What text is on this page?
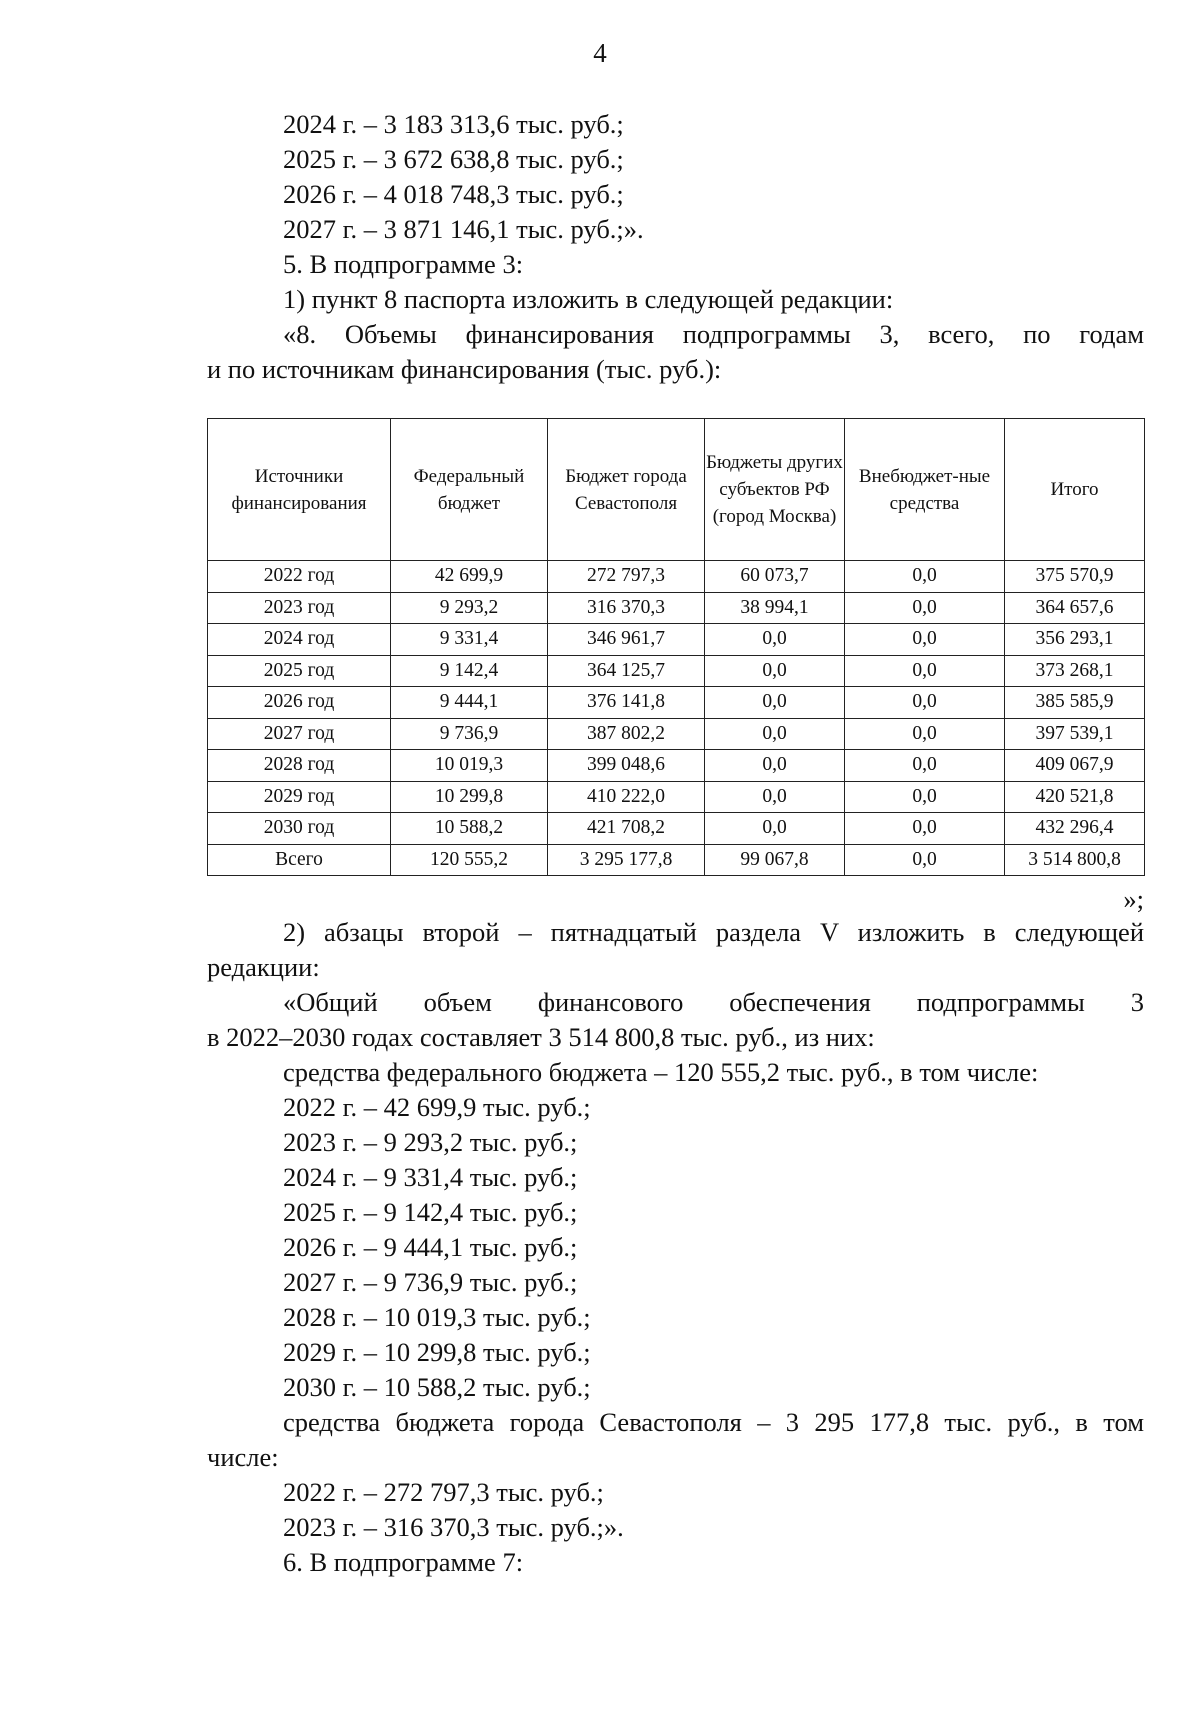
4
2024 г. – 3 183 313,6 тыс. руб.;
2025 г. – 3 672 638,8 тыс. руб.;
2026 г. – 4 018 748,3 тыс. руб.;
2027 г. – 3 871 146,1 тыс. руб.;».
5. В подпрограмме 3:
1) пункт 8 паспорта изложить в следующей редакции:
«8. Объемы финансирования подпрограммы 3, всего, по годам
и по источникам финансирования (тыс. руб.):
Источники финансирования	Федеральный бюджет	Бюджет города Севастополя	Бюджеты других субъектов РФ (город Москва)	Внебюджет-ные средства	Итого
2022 год	42 699,9	272 797,3	60 073,7	0,0	375 570,9
2023 год	9 293,2	316 370,3	38 994,1	0,0	364 657,6
2024 год	9 331,4	346 961,7	0,0	0,0	356 293,1
2025 год	9 142,4	364 125,7	0,0	0,0	373 268,1
2026 год	9 444,1	376 141,8	0,0	0,0	385 585,9
2027 год	9 736,9	387 802,2	0,0	0,0	397 539,1
2028 год	10 019,3	399 048,6	0,0	0,0	409 067,9
2029 год	10 299,8	410 222,0	0,0	0,0	420 521,8
2030 год	10 588,2	421 708,2	0,0	0,0	432 296,4
Всего	120 555,2	3 295 177,8	99 067,8	0,0	3 514 800,8
»;
2) абзацы второй – пятнадцатый раздела V изложить в следующей
редакции:
«Общий объем финансового обеспечения подпрограммы 3
в 2022–2030 годах составляет 3 514 800,8 тыс. руб., из них:
средства федерального бюджета – 120 555,2 тыс. руб., в том числе:
2022 г. – 42 699,9 тыс. руб.;
2023 г. – 9 293,2 тыс. руб.;
2024 г. – 9 331,4 тыс. руб.;
2025 г. – 9 142,4 тыс. руб.;
2026 г. – 9 444,1 тыс. руб.;
2027 г. – 9 736,9 тыс. руб.;
2028 г. – 10 019,3 тыс. руб.;
2029 г. – 10 299,8 тыс. руб.;
2030 г. – 10 588,2 тыс. руб.;
средства бюджета города Севастополя – 3 295 177,8 тыс. руб., в том
числе:
2022 г. – 272 797,3 тыс. руб.;
2023 г. – 316 370,3 тыс. руб.;».
6. В подпрограмме 7:
